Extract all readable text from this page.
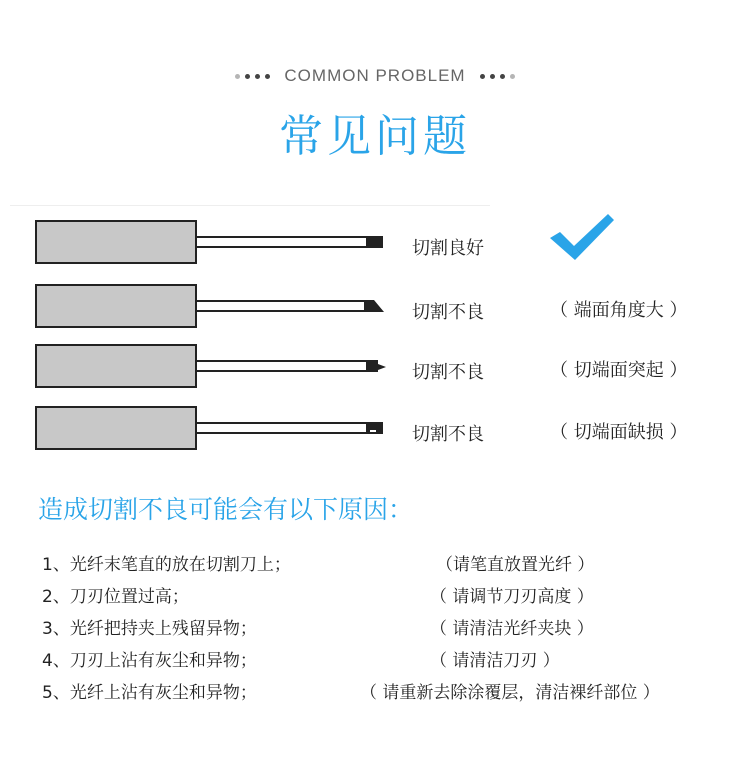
COMMON PROBLEM
常见问题
切割良好
切割不良	（ 端面角度大 ）
切割不良	（ 切端面突起 ）
切割不良	（ 切端面缺损 ）
造成切割不良可能会有以下原因：
1、光纤末笔直的放在切割刀上；	（请笔直放置光纤 ）
2、刀刃位置过高；	（ 请调节刀刃高度 ）
3、光纤把持夹上残留异物；	（ 请清洁光纤夹块 ）
4、刀刃上沾有灰尘和异物；	（ 请清洁刀刃 ）
5、光纤上沾有灰尘和异物；	（ 请重新去除涂覆层，清洁裸纤部位 ）
